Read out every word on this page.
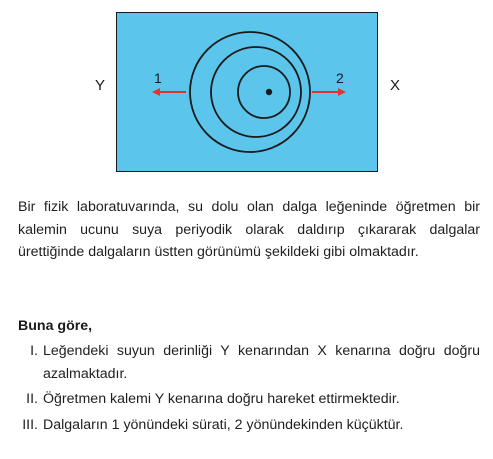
Y	X
1	2

Bir fizik laboratuvarında, su dolu olan dalga leğeninde öğretmen bir kalemin ucunu suya periyodik olarak daldırıp çıkararak dalgalar ürettiğinde dalgaların üstten görünümü şekildeki gibi olmaktadır.

Buna göre,
I. Leğendeki suyun derinliği Y kenarından X kenarına doğru doğru azalmaktadır.
II. Öğretmen kalemi Y kenarına doğru hareket ettirmektedir.
III. Dalgaların 1 yönündeki sürati, 2 yönündekinden küçüktür.
